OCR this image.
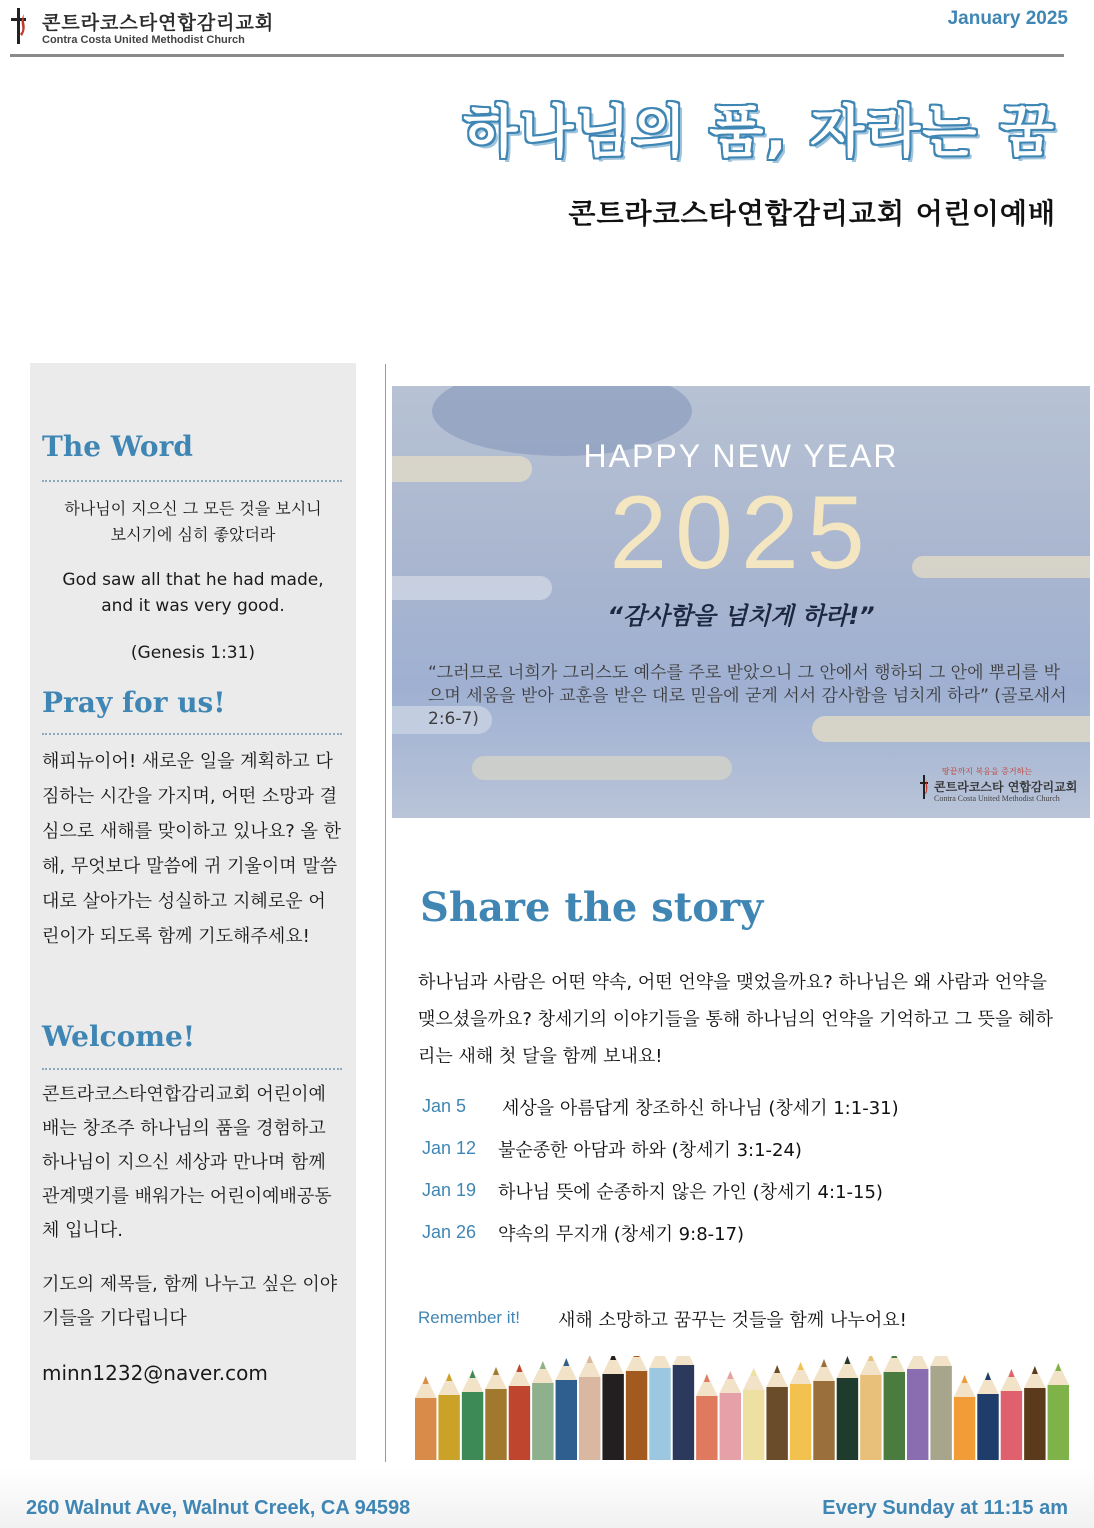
콘트라코스타연합감리교회
Contra Costa United Methodist Church
January 2025
하나님의 품, 자라는 꿈
콘트라코스타연합감리교회 어린이예배
The Word
하나님이 지으신 그 모든 것을 보시니
보시기에 심히 좋았더라
God saw all that he had made,
and it was very good.
(Genesis 1:31)
Pray for us!
해피뉴이어! 새로운 일을 계획하고 다짐하는 시간을 가지며, 어떤 소망과 결심으로 새해를 맞이하고 있나요? 올 한해, 무엇보다 말씀에 귀 기울이며 말씀대로 살아가는 성실하고 지혜로운 어린이가 되도록 함께 기도해주세요!
Welcome!
콘트라코스타연합감리교회 어린이예배는 창조주 하나님의 품을 경험하고 하나님이 지으신 세상과 만나며 함께 관계맺기를 배워가는 어린이예배공동체 입니다.
기도의 제목들, 함께 나누고 싶은 이야기들을 기다립니다
minn1232@naver.com
HAPPY NEW YEAR
2025
“감사함을 넘치게 하라!”
“그러므로 너희가 그리스도 예수를 주로 받았으니 그 안에서 행하되 그 안에 뿌리를 박으며 세움을 받아 교훈을 받은 대로 믿음에 굳게 서서 감사함을 넘치게 하라” (골로새서 2:6-7)
땅끝까지 복음을 증거하는
콘트라코스타 연합감리교회
Contra Costa United Methodist Church
Share the story
하나님과 사람은 어떤 약속, 어떤 언약을 맺었을까요? 하나님은 왜 사람과 언약을 맺으셨을까요? 창세기의 이야기들을 통해 하나님의 언약을 기억하고 그 뜻을 헤하리는 새해 첫 달을 함께 보내요!
Jan 5 세상을 아름답게 창조하신 하나님 (창세기 1:1-31)
Jan 12 불순종한 아담과 하와 (창세기 3:1-24)
Jan 19 하나님 뜻에 순종하지 않은 가인 (창세기 4:1-15)
Jan 26 약속의 무지개 (창세기 9:8-17)
Remember it! 새해 소망하고 꿈꾸는 것들을 함께 나누어요!
260 Walnut Ave, Walnut Creek, CA 94598	Every Sunday at 11:15 am
